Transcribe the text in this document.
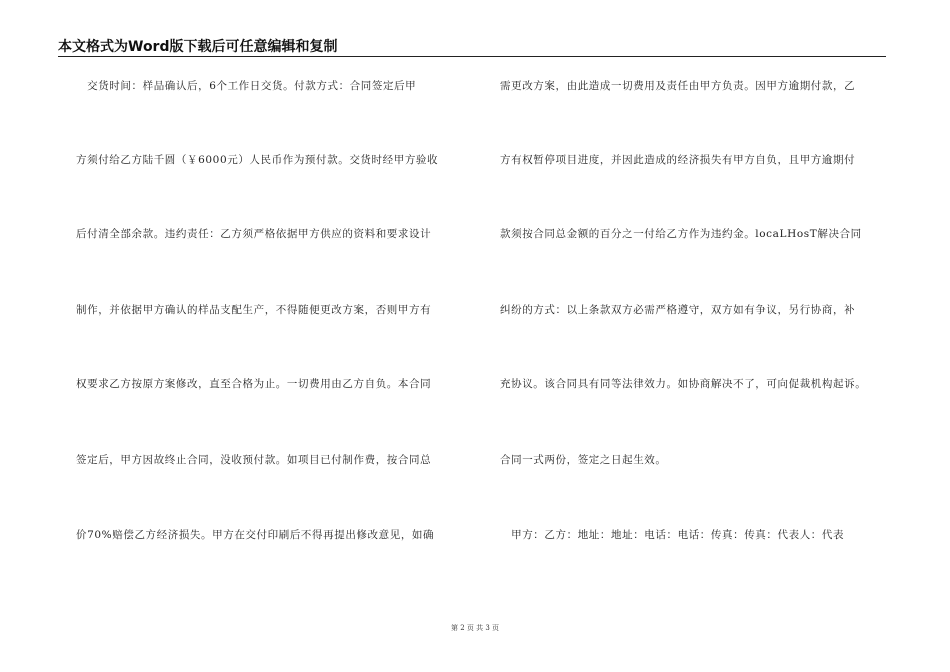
本文格式为Word版下载后可任意编辑和复制
　交货时间：样品确认后，6个工作日交货。付款方式：合同签定后甲
方须付给乙方陆千圆（￥6000元）人民币作为预付款。交货时经甲方验收
后付清全部余款。违约责任：乙方须严格依据甲方供应的资料和要求设计
制作，并依据甲方确认的样品支配生产，不得随便更改方案，否则甲方有
权要求乙方按原方案修改，直至合格为止。一切费用由乙方自负。本合同
签定后，甲方因故终止合同，没收预付款。如项目已付制作费，按合同总
价70%赔偿乙方经济损失。甲方在交付印刷后不得再提出修改意见，如确
需更改方案，由此造成一切费用及责任由甲方负责。因甲方逾期付款，乙
方有权暂停项目进度，并因此造成的经济损失有甲方自负，且甲方逾期付
款须按合同总金额的百分之一付给乙方作为违约金。locaLHosT解决合同
纠纷的方式：以上条款双方必需严格遵守，双方如有争议，另行协商，补
充协议。该合同具有同等法律效力。如协商解决不了，可向促裁机构起诉。
合同一式两份，签定之日起生效。
　甲方：乙方：地址：地址：电话：电话：传真：传真：代表人：代表
第 2 页 共 3 页
